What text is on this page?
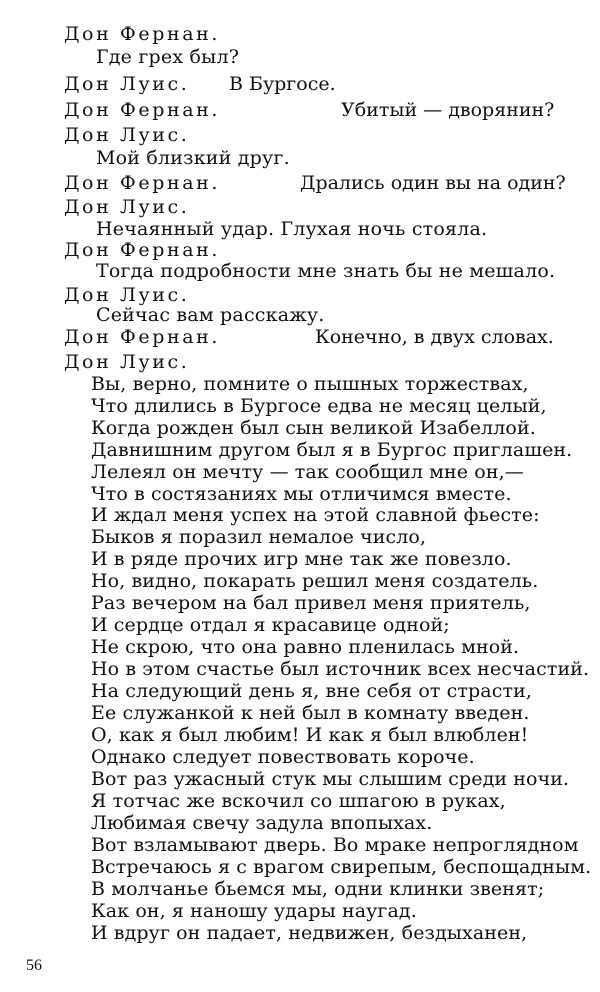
Дон Фернан.
Где грех был?
Дон Луис. В Бургосе.
Дон Фернан.	Убитый — дворянин?
Дон Луис.
Мой близкий друг.
Дон Фернан.	Дрались один вы на один?
Дон Луис.
Нечаянный удар. Глухая ночь стояла.
Дон Фернан.
Тогда подробности мне знать бы не мешало.
Дон Луис.
Сейчас вам расскажу.
Дон Фернан.	Конечно, в двух словах.
Дон Луис.
Вы, верно, помните о пышных торжествах,
Что длились в Бургосе едва не месяц целый,
Когда рожден был сын великой Изабеллой.
Давнишним другом был я в Бургос приглашен.
Лелеял он мечту — так сообщил мне он,—
Что в состязаниях мы отличимся вместе.
И ждал меня успех на этой славной фьесте:
Быков я поразил немалое число,
И в ряде прочих игр мне так же повезло.
Но, видно, покарать решил меня создатель.
Раз вечером на бал привел меня приятель,
И сердце отдал я красавице одной;
Не скрою, что она равно пленилась мной.
Но в этом счастье был источник всех несчастий.
На следующий день я, вне себя от страсти,
Ее служанкой к ней был в комнату введен.
О, как я был любим! И как я был влюблен!
Однако следует повествовать короче.
Вот раз ужасный стук мы слышим среди ночи.
Я тотчас же вскочил со шпагою в руках,
Любимая свечу задула впопыхах.
Вот взламывают дверь. Во мраке непроглядном
Встречаюсь я с врагом свирепым, беспощадным.
В молчанье бьемся мы, одни клинки звенят;
Как он, я наношу удары наугад.
И вдруг он падает, недвижен, бездыханен,
56
